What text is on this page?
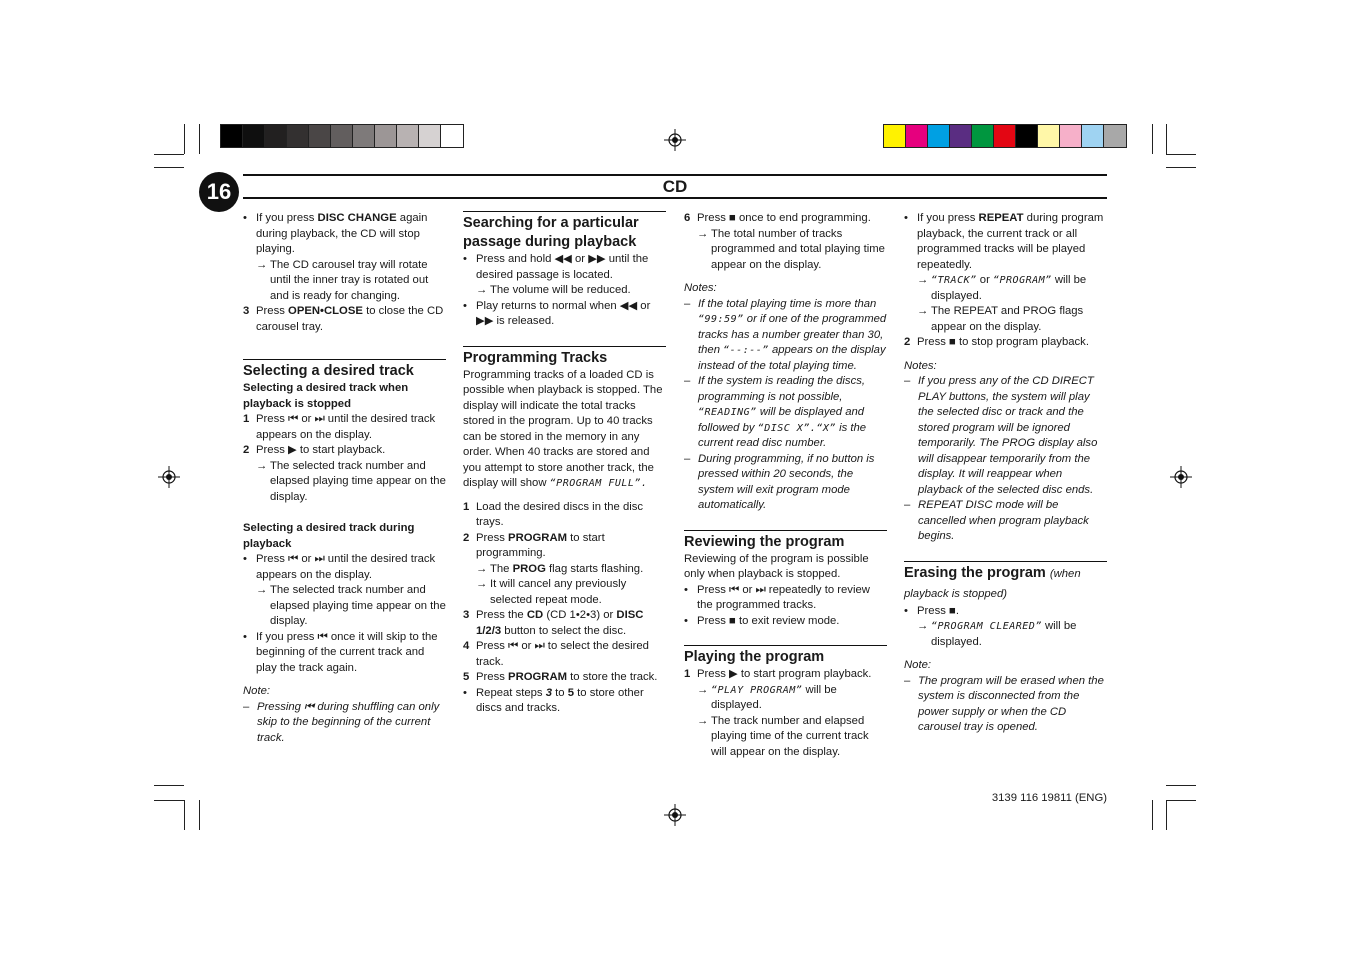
16	CD

• If you press DISC CHANGE again during playback, the CD will stop playing.

→ The CD carousel tray will rotate until the inner tray is rotated out and is ready for changing.

3 Press OPEN•CLOSE to close the CD carousel tray.

Selecting a desired track

Selecting a desired track when playback is stopped

1 Press ⏮ or ⏭ until the desired track appears on the display.

2 Press ▶ to start playback.

→ The selected track number and elapsed playing time appear on the display.

Selecting a desired track during playback

• Press ⏮ or ⏭ until the desired track appears on the display.

→ The selected track number and elapsed playing time appear on the display.

• If you press ⏮ once it will skip to the beginning of the current track and play the track again.

Note:

– Pressing ⏮ during shuffling can only skip to the beginning of the current track.

Searching for a particular passage during playback

• Press and hold ◀◀ or ▶▶ until the desired passage is located.

→ The volume will be reduced.

• Play returns to normal when ◀◀ or ▶▶ is released.

Programming Tracks

Programming tracks of a loaded CD is possible when playback is stopped. The display will indicate the total tracks stored in the program. Up to 40 tracks can be stored in the memory in any order. When 40 tracks are stored and you attempt to store another track, the display will show “PROGRAM FULL”.

1 Load the desired discs in the disc trays.

2 Press PROGRAM to start programming.

→ The PROG flag starts flashing.

→ It will cancel any previously selected repeat mode.

3 Press the CD (CD 1•2•3) or DISC 1/2/3 button to select the disc.

4 Press ⏮ or ⏭ to select the desired track.

5 Press PROGRAM to store the track.

• Repeat steps 3 to 5 to store other discs and tracks.

6 Press ■ once to end programming.

→ The total number of tracks programmed and total playing time appear on the display.

Notes:

– If the total playing time is more than “99:59” or if one of the programmed tracks has a number greater than 30, then “--:--” appears on the display instead of the total playing time.

– If the system is reading the discs, programming is not possible, “READING” will be displayed and followed by “DISC X”.“X” is the current read disc number.

– During programming, if no button is pressed within 20 seconds, the system will exit program mode automatically.

Reviewing the program

Reviewing of the program is possible only when playback is stopped.

• Press ⏮ or ⏭ repeatedly to review the programmed tracks.

• Press ■ to exit review mode.

Playing the program

1 Press ▶ to start program playback.

→ “PLAY PROGRAM” will be displayed.

→ The track number and elapsed playing time of the current track will appear on the display.

• If you press REPEAT during program playback, the current track or all programmed tracks will be played repeatedly.

→ “TRACK” or “PROGRAM” will be displayed.

→ The REPEAT and PROG flags appear on the display.

2 Press ■ to stop program playback.

Notes:

– If you press any of the CD DIRECT PLAY buttons, the system will play the selected disc or track and the stored program will be ignored temporarily. The PROG display also will disappear temporarily from the display. It will reappear when playback of the selected disc ends.

– REPEAT DISC mode will be cancelled when program playback begins.

Erasing the program (when playback is stopped)

• Press ■.

→ “PROGRAM CLEARED” will be displayed.

Note:

– The program will be erased when the system is disconnected from the power supply or when the CD carousel tray is opened.

3139 116 19811 (ENG)
